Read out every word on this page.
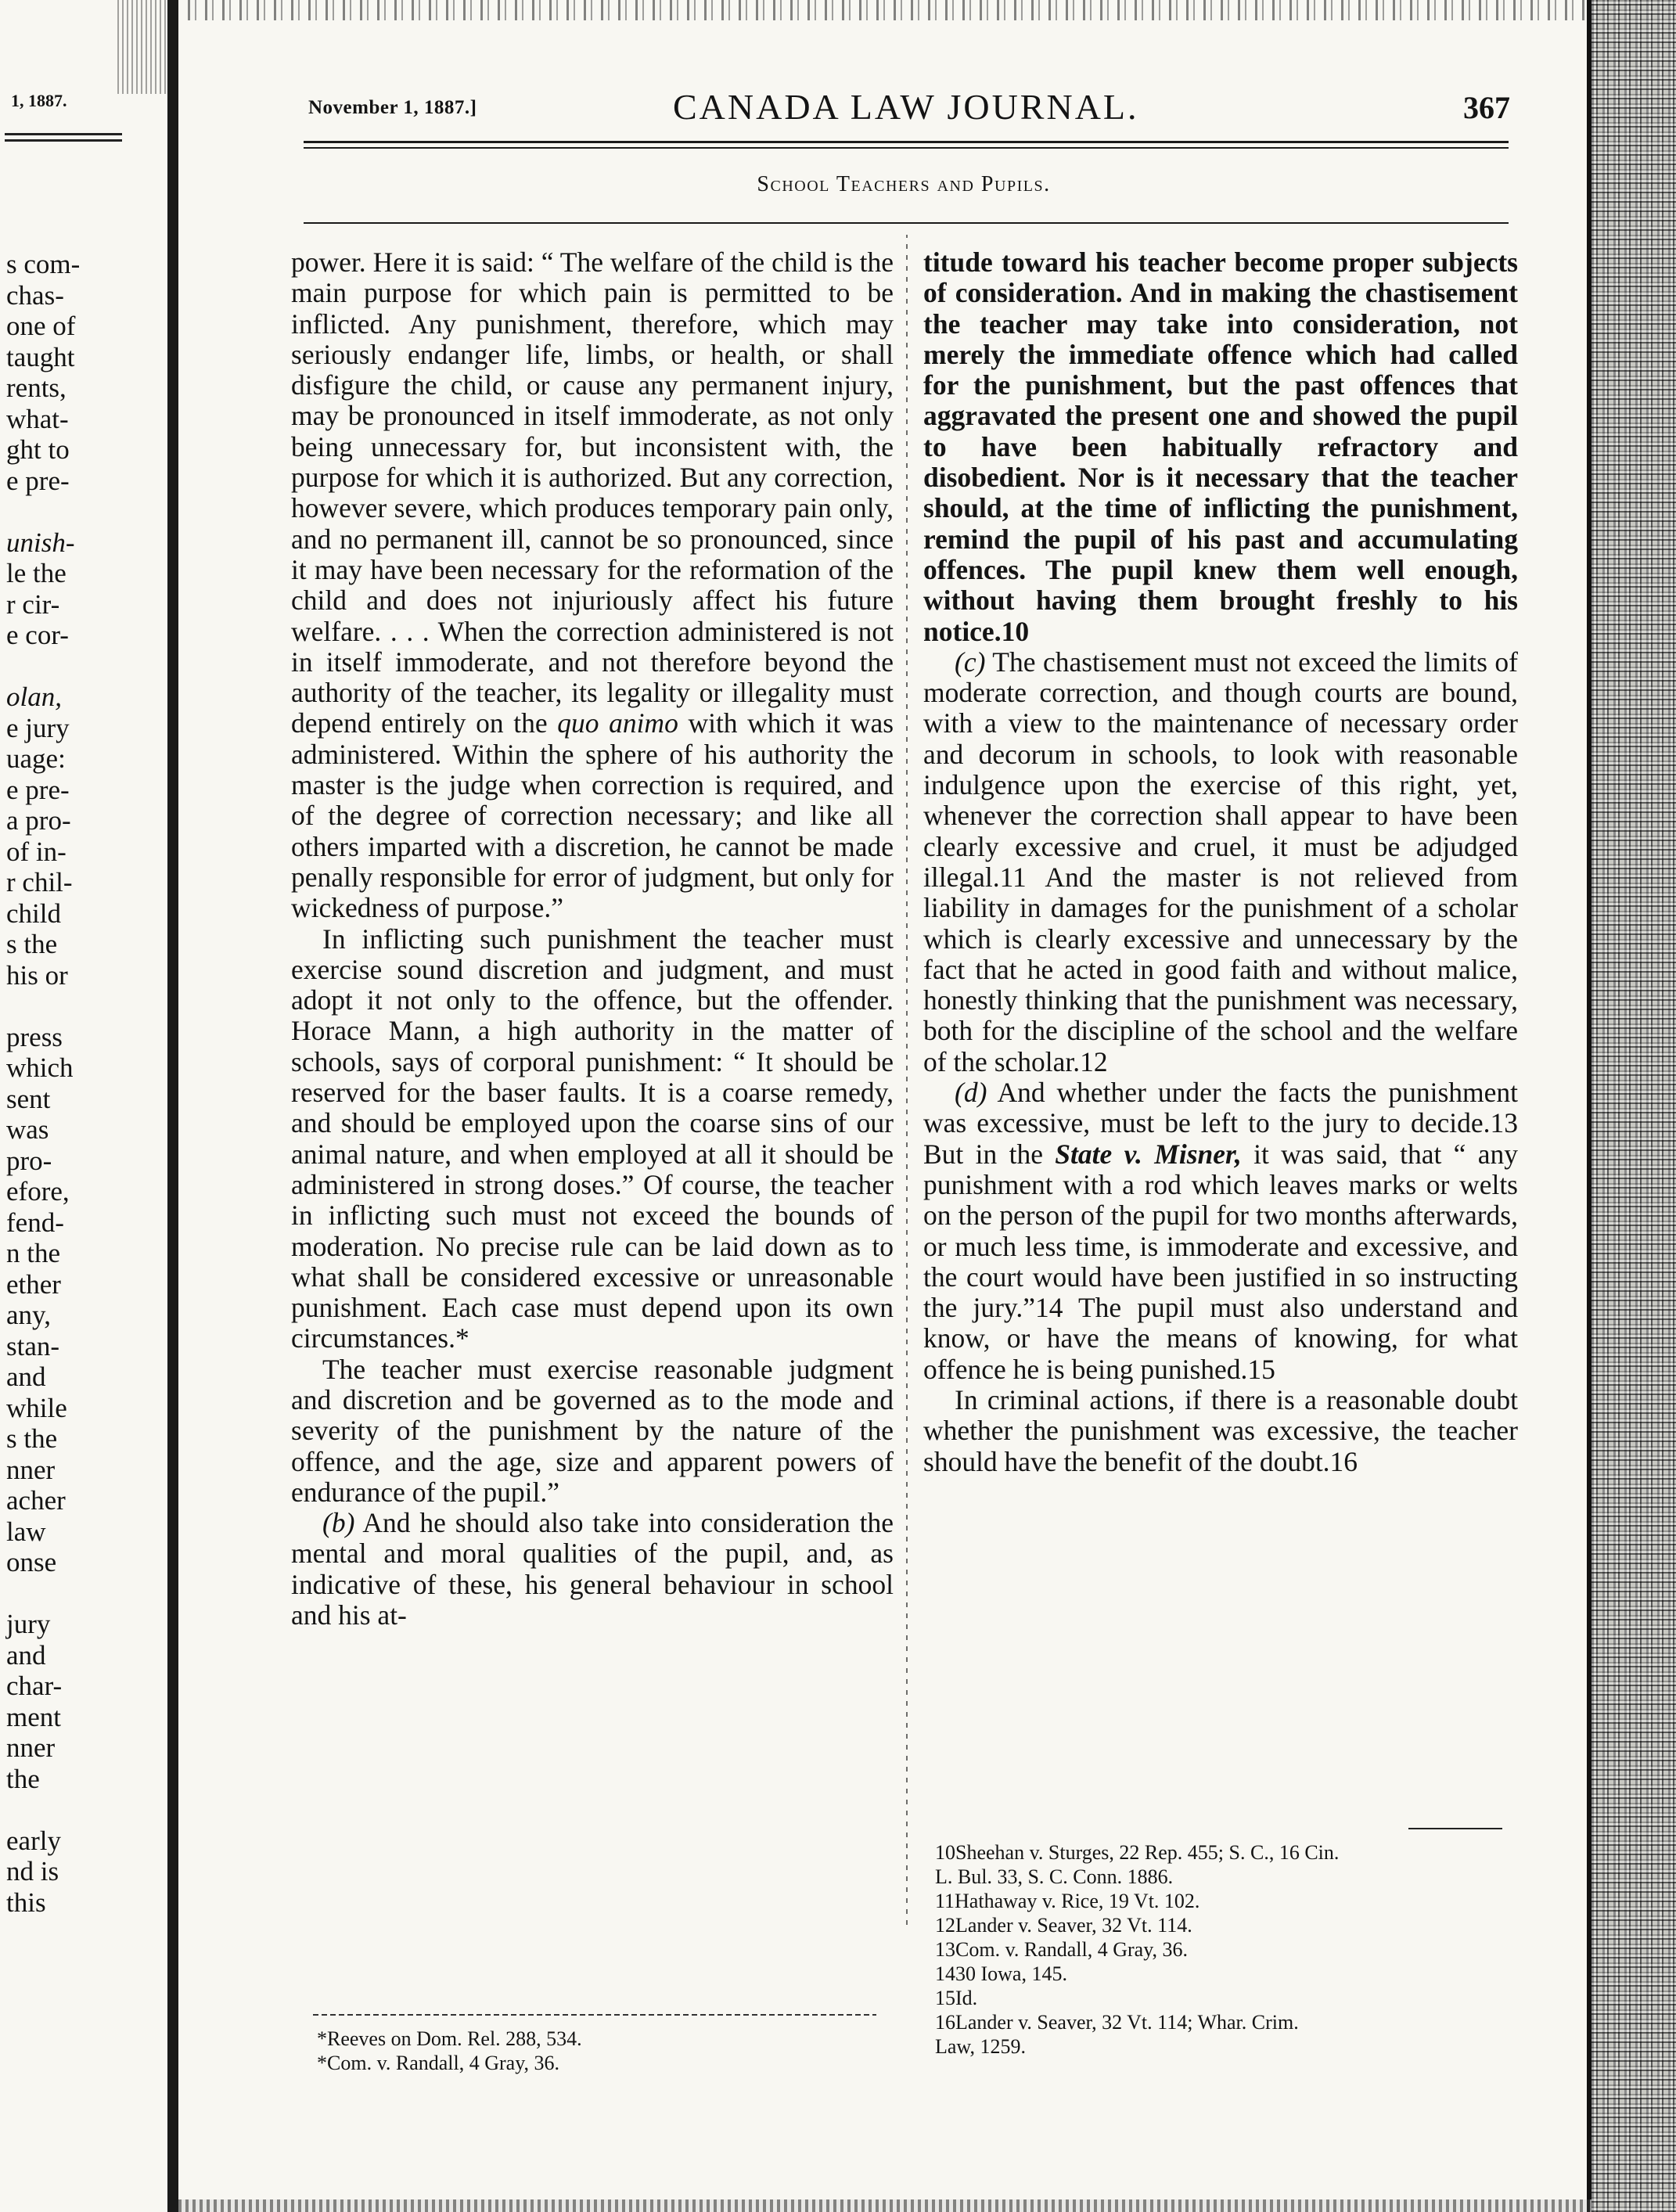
1, 1887.
s com-
chas-
one of
taught
rents,
what-
ght to
e pre-
unish-
le the
r cir-
e cor-
olan,
e jury
uage:
e pre-
a pro-
of in-
r chil-
child
s the
his or
press
which
sent
was
pro-
efore,
fend-
n the
ether
any,
stan-
and
while
s the
nner
acher
law
onse
jury
and
char-
ment
nner
the
early
nd is
this
November 1, 1887.]	CANADA LAW JOURNAL.	367
School Teachers and Pupils.

power. Here it is said: “ The welfare of the child is the main purpose for which pain is permitted to be inflicted. Any punishment, therefore, which may seriously endanger life, limbs, or health, or shall disfigure the child, or cause any permanent injury, may be pronounced in itself immoderate, as not only being unnecessary for, but inconsistent with, the purpose for which it is authorized. But any correction, however severe, which produces temporary pain only, and no permanent ill, cannot be so pronounced, since it may have been necessary for the reformation of the child and does not injuriously affect his future welfare. . . . When the correction administered is not in itself immoderate, and not therefore beyond the authority of the teacher, its legality or illegality must depend entirely on the quo animo with which it was administered. Within the sphere of his authority the master is the judge when correction is required, and of the degree of correction necessary; and like all others imparted with a discretion, he cannot be made penally responsible for error of judgment, but only for wickedness of purpose.”

In inflicting such punishment the teacher must exercise sound discretion and judgment, and must adopt it not only to the offence, but the offender. Horace Mann, a high authority in the matter of schools, says of corporal punishment: “ It should be reserved for the baser faults. It is a coarse remedy, and should be employed upon the coarse sins of our animal nature, and when employed at all it should be administered in strong doses.” Of course, the teacher in inflicting such must not exceed the bounds of moderation. No precise rule can be laid down as to what shall be considered excessive or unreasonable punishment. Each case must depend upon its own circumstances.*

The teacher must exercise reasonable judgment and discretion and be governed as to the mode and severity of the punishment by the nature of the offence, and the age, size and apparent powers of endurance of the pupil.”

(b) And he should also take into consideration the mental and moral qualities of the pupil, and, as indicative of these, his general behaviour in school and his at-

titude toward his teacher become proper subjects of consideration. And in making the chastisement the teacher may take into consideration, not merely the immediate offence which had called for the punishment, but the past offences that aggravated the present one and showed the pupil to have been habitually refractory and disobedient. Nor is it necessary that the teacher should, at the time of inflicting the punishment, remind the pupil of his past and accumulating offences. The pupil knew them well enough, without having them brought freshly to his notice.10

(c) The chastisement must not exceed the limits of moderate correction, and though courts are bound, with a view to the maintenance of necessary order and decorum in schools, to look with reasonable indulgence upon the exercise of this right, yet, whenever the correction shall appear to have been clearly excessive and cruel, it must be adjudged illegal.11 And the master is not relieved from liability in damages for the punishment of a scholar which is clearly excessive and unnecessary by the fact that he acted in good faith and without malice, honestly thinking that the punishment was necessary, both for the discipline of the school and the welfare of the scholar.12

(d) And whether under the facts the punishment was excessive, must be left to the jury to decide.13 But in the State v. Misner, it was said, that “ any punishment with a rod which leaves marks or welts on the person of the pupil for two months afterwards, or much less time, is immoderate and excessive, and the court would have been justified in so instructing the jury.”14 The pupil must also understand and know, or have the means of knowing, for what offence he is being punished.15

In criminal actions, if there is a reasonable doubt whether the punishment was excessive, the teacher should have the benefit of the doubt.16

*Reeves on Dom. Rel. 288, 534.
*Com. v. Randall, 4 Gray, 36.
10Sheehan v. Sturges, 22 Rep. 455; S. C., 16 Cin.
L. Bul. 33, S. C. Conn. 1886.
11Hathaway v. Rice, 19 Vt. 102.
12Lander v. Seaver, 32 Vt. 114.
13Com. v. Randall, 4 Gray, 36.
1430 Iowa, 145.
15Id.
16Lander v. Seaver, 32 Vt. 114; Whar. Crim.
Law, 1259.
